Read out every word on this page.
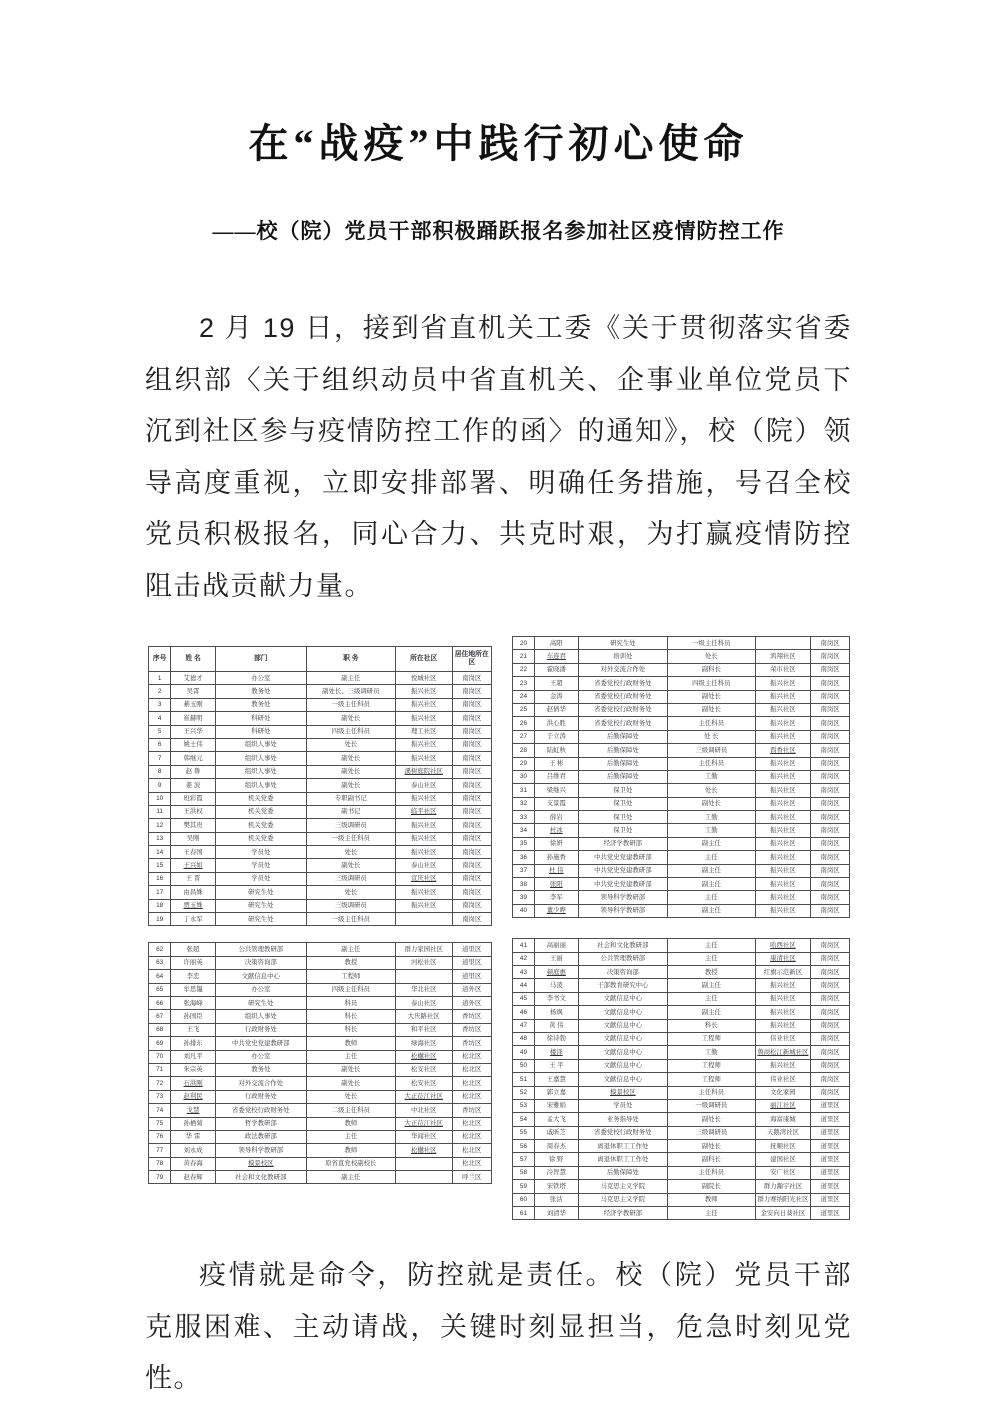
在“战疫”中践行初心使命
——校（院）党员干部积极踊跃报名参加社区疫情防控工作

2 月 19 日，接到省直机关工委《关于贯彻落实省委组织部〈关于组织动员中省直机关、企事业单位党员下沉到社区参与疫情防控工作的函〉的通知》，校（院）领导高度重视，立即安排部署、明确任务措施，号召全校党员积极报名，同心合力、共克时艰，为打赢疫情防控阻击战贡献力量。

序号	姓 名	部门	职 务	所在社区	居住地所在区
1	艾德才	办公室	副主任	悦城社区	南岗区
2	吴霄	教务处	副处长、三级调研员	振兴社区	南岗区
3	綦玉刚	教务处	一级主任科员	振兴社区	南岗区
4	崔赫明	科研处	副处长	振兴社区	南岗区
5	王兴华	科研处	四级主任科员	理工社区	南岗区
6	姚士伟	组织人事处	处长	振兴社区	南岗区
7	韩继元	组织人事处	副处长	振兴社区	南岗区
8	赵 鲁	组织人事处	副处长	溪树庭院社区	南岗区
9	姜 波	组织人事处	副处长	泰山社区	南岗区
10	班彩霞	机关党委	专职副书记	振兴社区	南岗区
11	王洪权	机关党委	副书记	临平社区	南岗区
12	樊其贵	机关党委	三级调研员	振兴社区	南岗区
13	吴刚	机关党委	一级主任科员	振兴社区	南岗区
14	王春国	学员处	处长	振兴社区	南岗区
15	王兴如	学员处	副处长	泰山社区	南岗区
16	王 晋	学员处	三级调研员	宣庆社区	南岗区
17	由昌姝	研究生处	处长	振兴社区	南岗区
18	贾玉姝	研究生处	三级调研员	振兴社区	南岗区
19	丁永军	研究生处	一级主任科员		南岗区
62	张超	公共管理教研部	副主任	群力家园社区	道里区
63	许丽英	决策咨询部	教授	河松社区	道里区
64	李恋	文献信息中心	工程师		道里区
65	牟思韫	办公室	四级主任科员	华北社区	道外区
66	张海峰	研究生处	科员	泰山社区	道外区
67	孙国臣	组织人事处	科长	大庆路社区	香坊区
68	王飞	行政财务处	科长	和平社区	香坊区
69	孙排东	中共党史党建教研部	教师	绿海社区	香坊区
70	刘凡平	办公室	主任	松樾社区	松北区
71	朱宗英	教务处	副处长	松安社区	松北区
72	石洪刚	对外交流合作处	副处长	松安社区	松北区
73	赵利民	行政财务处	处长	大正莅江社区	松北区
74	戈慧	省委党校行政财务处	二级主任科员	中北社区	香坊区
75	孙栖菊	哲学教研部	教师	大正莅江社区	松北区
76	华 雷	政法教研部	主任	华闻社区	松北区
77	刘永成	领导科学教研部	教师	松樾社区	松北区
78	黄春海	模景校区	原省直党校副校长		松北区
79	赵春辉	社会和文化教研部	副主任		呼兰区
20	高阳	研究生处	一级主任科员		南岗区
21	车连君	培训处	处长	鸿翔社区	南岗区
22	霍晓潘	对外交流合作处	副科长	荣市社区	南岗区
23	王超	省委党校行政财务处	四级主任科员	振兴社区	南岗区
24	金涛	省委党校行政财务处	副处长	振兴社区	南岗区
25	赵倩华	省委党校行政财务处	副处长	振兴社区	南岗区
26	洪心胜	省委党校行政财务处	主任科员	振兴社区	南岗区
27	于立涛	后勤保障处	处 长	振兴社区	南岗区
28	陆虹秋	后勤保障处	三级调研员	酉香社区	南岗区
29	王 彬	后勤保障处	主任科员	振兴社区	南岗区
30	吕维君	后勤保障处	工勤	振兴社区	南岗区
31	梁继兴	保卫处	处长	振兴社区	南岗区
32	支景霞	保卫处	副处长	振兴社区	南岗区
33	薛岩	保卫处	工勤	振兴社区	南岗区
34	杜冰	保卫处	工勤	振兴社区	南岗区
35	徐妍	经济学教研部	副主任	振兴社区	南岗区
36	孙施香	中共党史党建教研部	主任	振兴社区	南岗区
37	杜 伟	中共党史党建教研部	副主任	振兴社区	南岗区
38	张阳	中共党史党建教研部	副主任	振兴社区	南岗区
39	李军	领导科学教研部	主任	振兴社区	南岗区
40	董少晔	领导科学教研部	副主任	振兴社区	南岗区
41	高丽丽	社会和文化教研部	主任	哈西社区	南岗区
42	王丽	公共管理教研部	主任	康清社区	南岗区
43	顿庭惠	决策咨询部	教授	红旗示范新区	南岗区
44	马凌	干部教育研究中心	副主任	振兴社区	南岗区
45	李书文	文献信息中心	主任	振兴社区	南岗区
46	杨飒	文献信息中心	副主任	振兴社区	南岗区
47	黄 伟	文献信息中心	科长	振兴社区	南岗区
48	徐诗勃	文献信息中心	工程师	伟业社区	南岗区
49	楼泽	文献信息中心	工勤	鲁商松江新城社区	南岗区
50	王 平	文献信息中心	工程师	振兴社区	南岗区
51	王嘉慧	文献信息中心	工程师	伟业社区	南岗区
52	郭立嘉	模景校区	主任科员	文化家园	南岗区
53	宋雅娟	学员处	一级调研员	丽江社区	道里区
54	孟大飞	业务指导处	副处长	海富康城	道里区
55	戚昕芝	省委党校行政财务处	三级调研员	天鹅湾社区	道里区
56	周春杰	离退休职工工作处	副处长	抚顺社区	道里区
57	徐 野	离退休职工工作处	副科长	建国社区	道里区
58	冷智慧	后勤保障处	主任科员	安广社区	道里区
59	宋铁塔	马克思主义学院	副院长	群力瀚宇社区	道里区
60	张沽	马克思主义学院	教师	群力赛纳阳光社区	道里区
61	刘清华	经济学教研部	主任	金安向日葵社区	道里区

疫情就是命令，防控就是责任。校（院）党员干部克服困难、主动请战，关键时刻显担当，危急时刻见党性。
